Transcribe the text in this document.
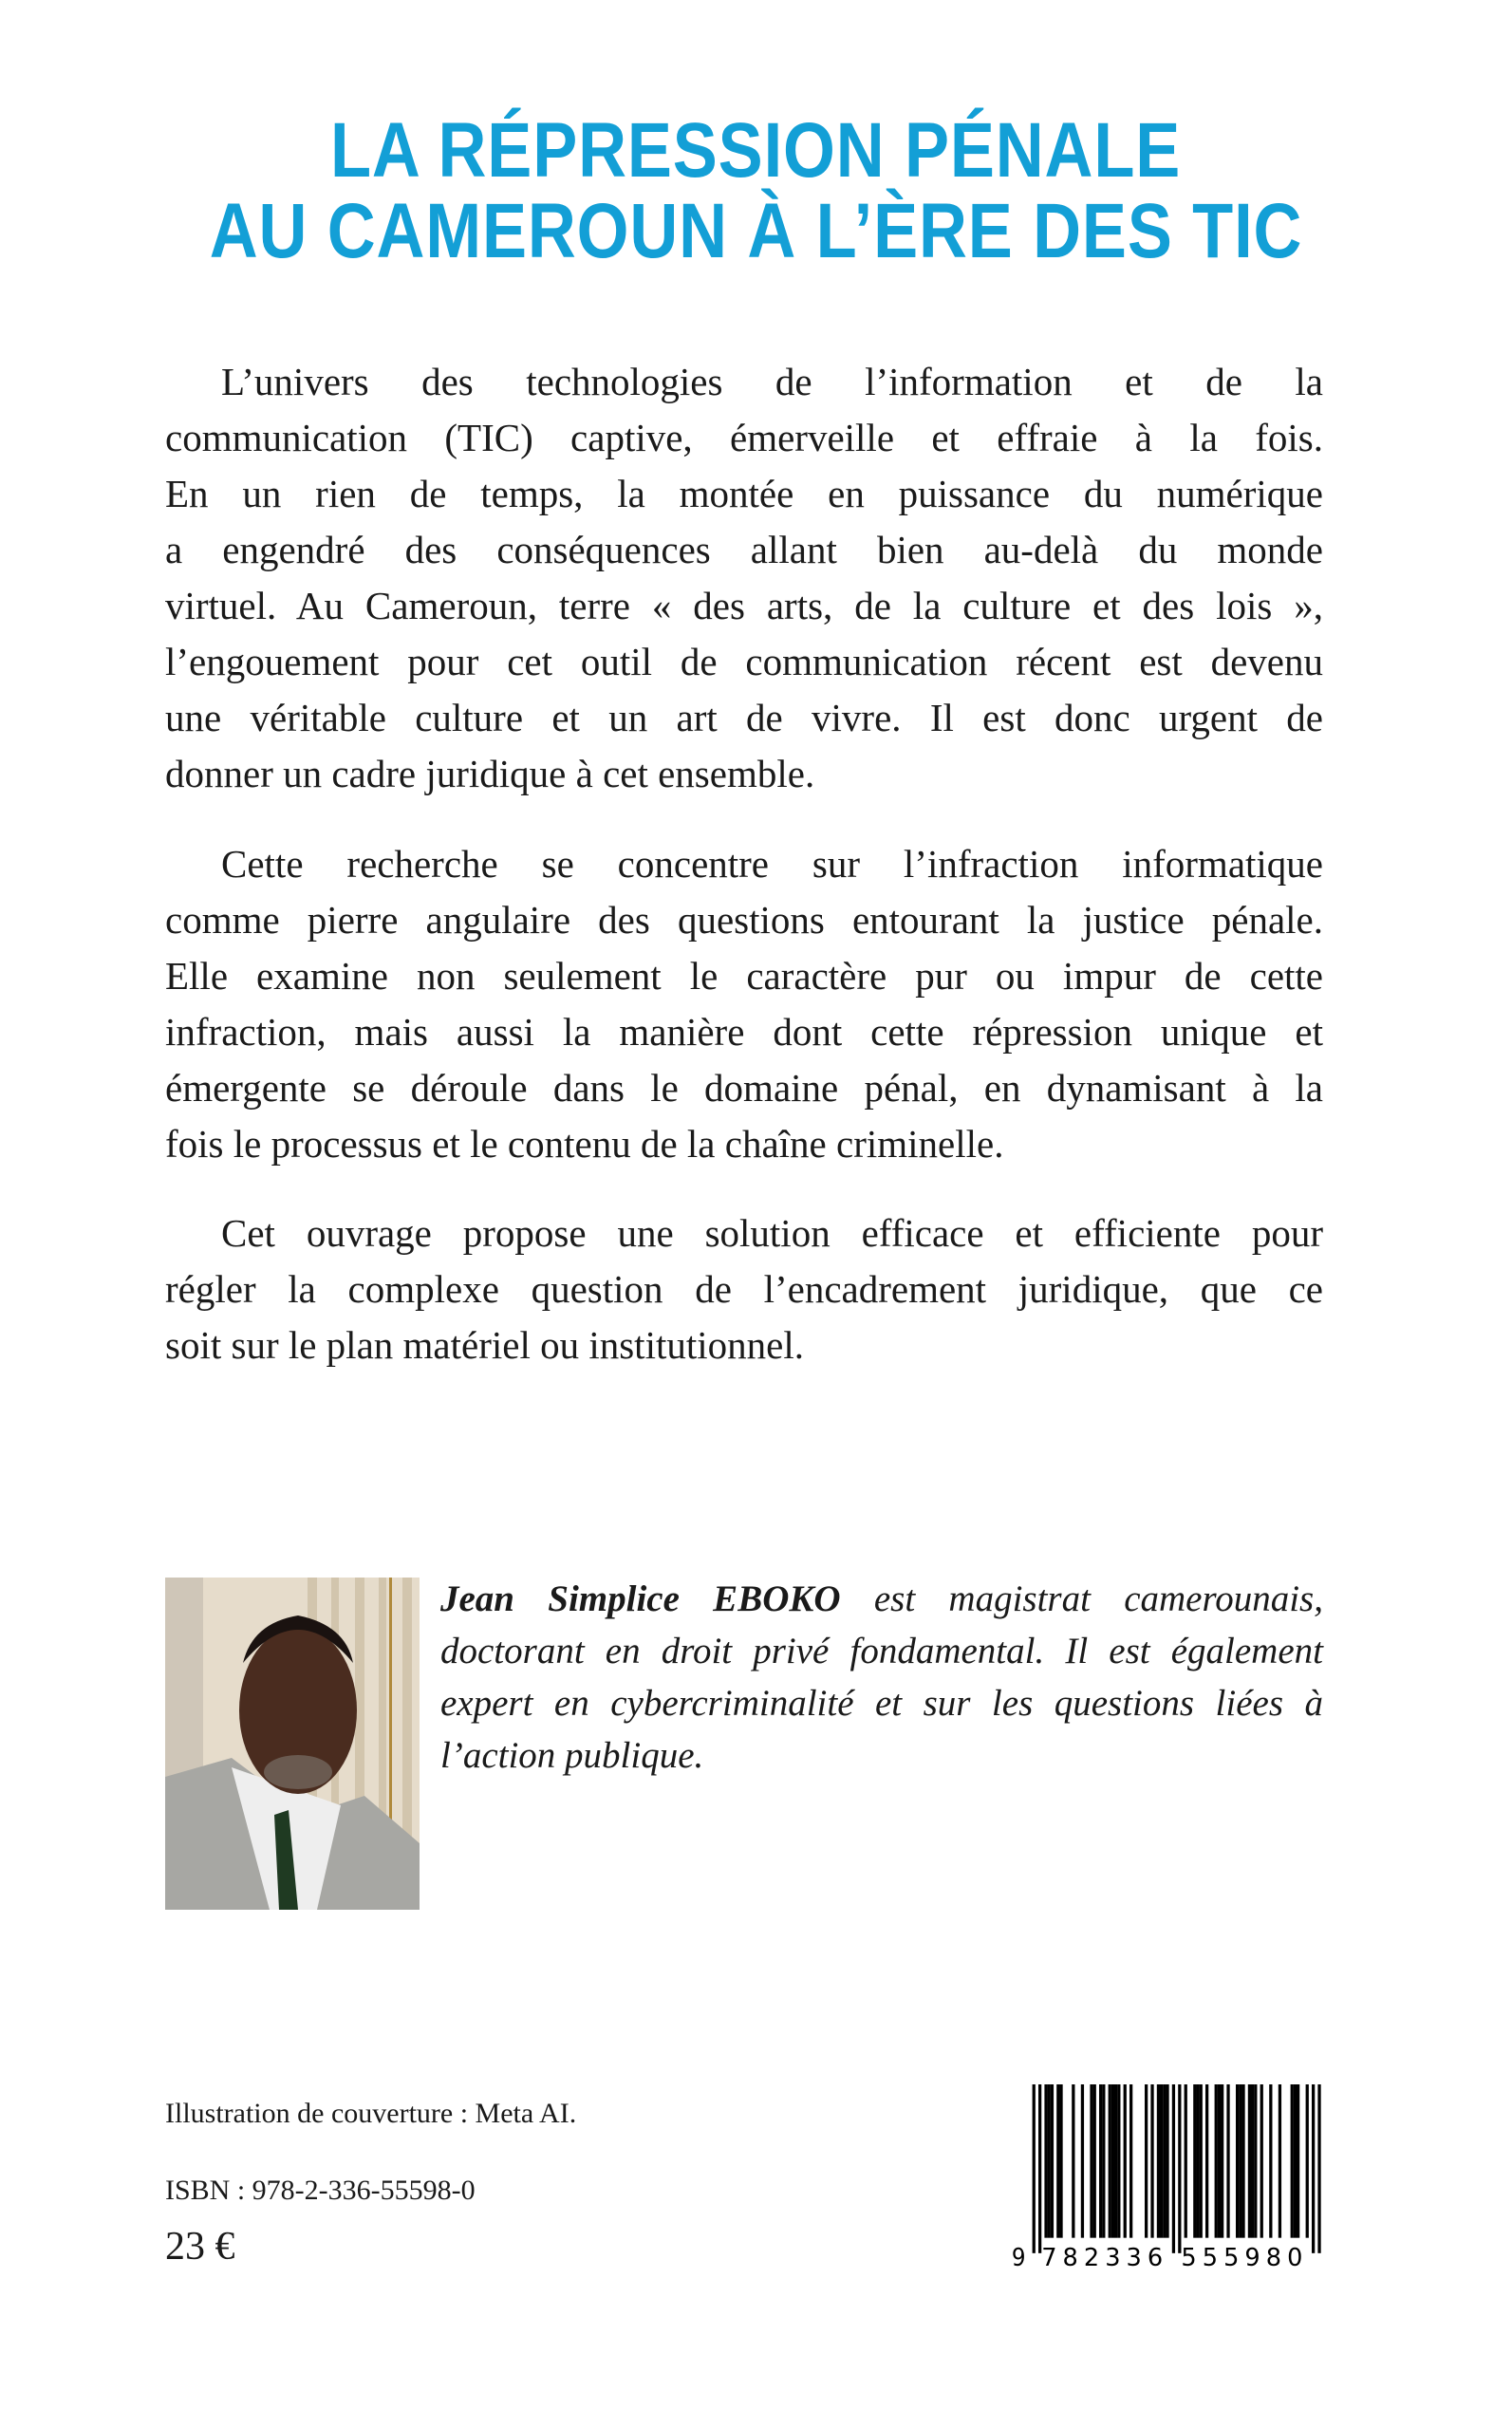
LA RÉPRESSION PÉNALE
AU CAMEROUN À L’ÈRE DES TIC
L’univers des technologies de l’information et de la
communication (TIC) captive, émerveille et effraie à la fois.
En un rien de temps, la montée en puissance du numérique
a engendré des conséquences allant bien au-delà du monde
virtuel. Au Cameroun, terre « des arts, de la culture et des lois »,
l’engouement pour cet outil de communication récent est devenu
une véritable culture et un art de vivre. Il est donc urgent de
donner un cadre juridique à cet ensemble.
Cette recherche se concentre sur l’infraction informatique
comme pierre angulaire des questions entourant la justice pénale.
Elle examine non seulement le caractère pur ou impur de cette
infraction, mais aussi la manière dont cette répression unique et
émergente se déroule dans le domaine pénal, en dynamisant à la
fois le processus et le contenu de la chaîne criminelle.
Cet ouvrage propose une solution efficace et efficiente pour
régler la complexe question de l’encadrement juridique, que ce
soit sur le plan matériel ou institutionnel.
Jean Simplice EBOKO est magistrat camerounais,
doctorant en droit privé fondamental. Il est également
expert en cybercriminalité et sur les questions liées à
l’action publique.
Illustration de couverture : Meta AI.
ISBN : 978-2-336-55598-0
23 €	9 782336 555980
